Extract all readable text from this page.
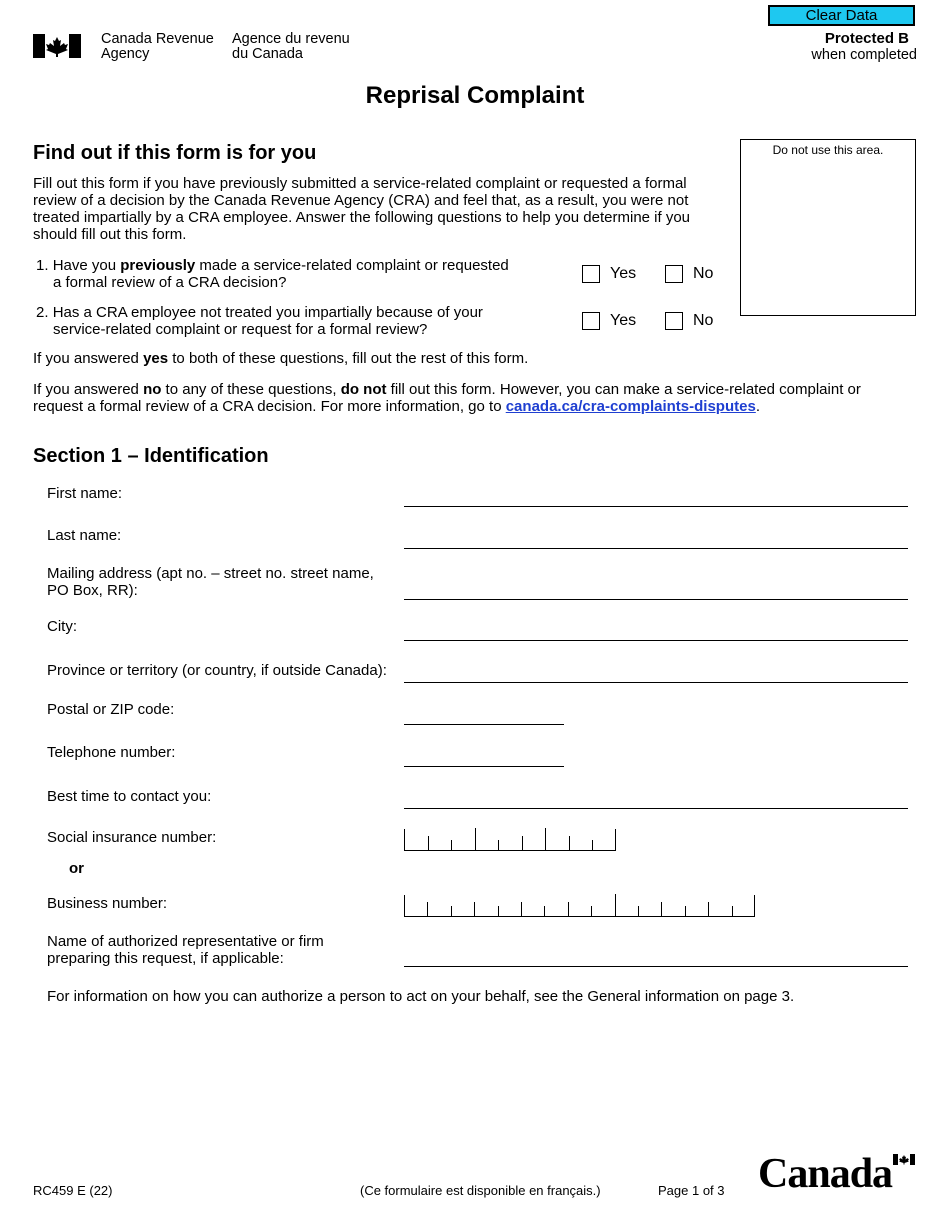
Canada Revenue
Agency
Agence du revenu
du Canada
Clear Data
Protected B
when completed
Reprisal Complaint
Find out if this form is for you
Fill out this form if you have previously submitted a service-related complaint or requested a formal review of a decision by the Canada Revenue Agency (CRA) and feel that, as a result, you were not treated impartially by a CRA employee. Answer the following questions to help you determine if you should fill out this form.
Do not use this area.
1. Have you previously made a service-related complaint or requested
a formal review of a CRA decision?
Yes	No
2. Has a CRA employee not treated you impartially because of your
service-related complaint or request for a formal review?
Yes	No
If you answered yes to both of these questions, fill out the rest of this form.
If you answered no to any of these questions, do not fill out this form. However, you can make a service-related complaint or request a formal review of a CRA decision. For more information, go to canada.ca/cra-complaints-disputes.
Section 1 – Identification
First name:
Last name:
Mailing address (apt no. – street no. street name,
PO Box, RR):
City:
Province or territory (or country, if outside Canada):
Postal or ZIP code:
Telephone number:
Best time to contact you:
Social insurance number:
or
Business number:
Name of authorized representative or firm
preparing this request, if applicable:
For information on how you can authorize a person to act on your behalf, see the General information on page 3.
RC459 E (22)	(Ce formulaire est disponible en français.)	Page 1 of 3 Canada
